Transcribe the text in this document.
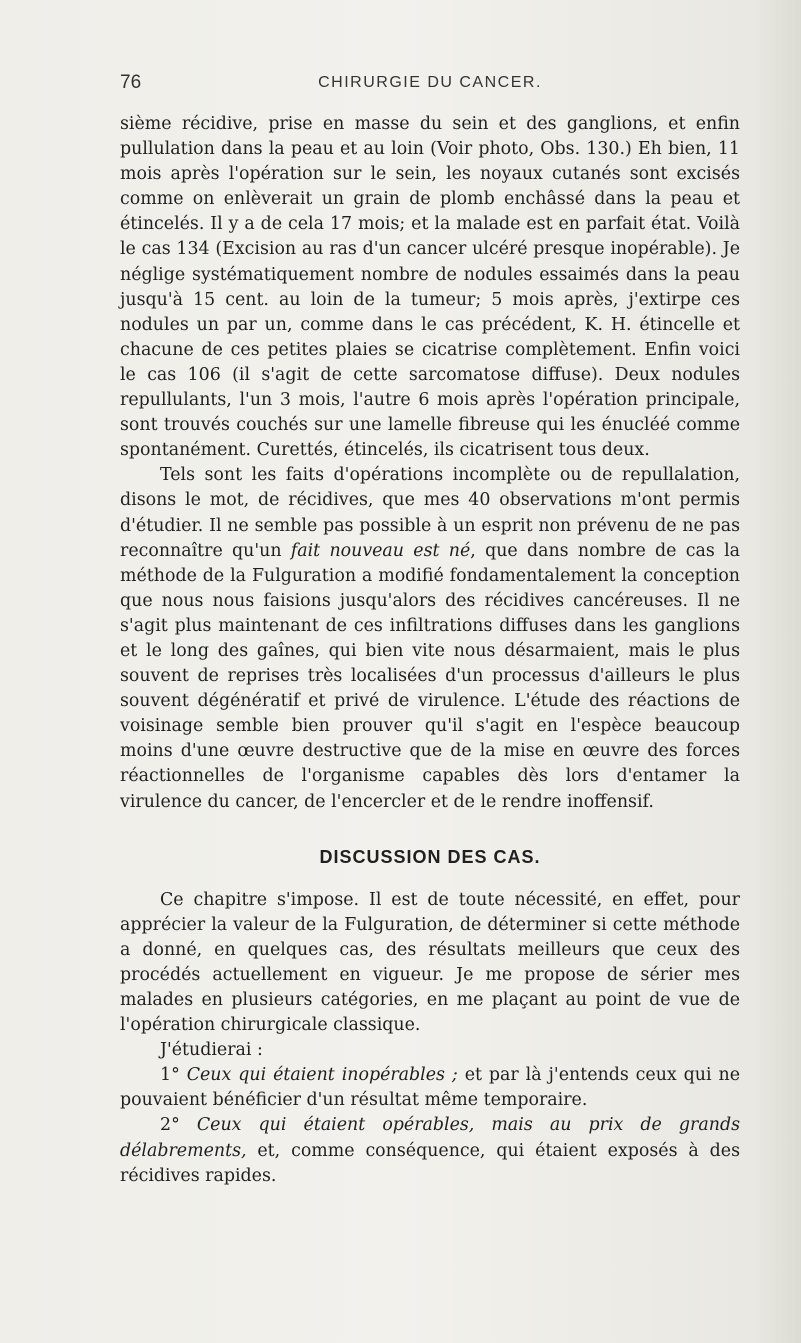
76	CHIRURGIE DU CANCER.

sième récidive, prise en masse du sein et des ganglions, et enfin pullulation dans la peau et au loin (Voir photo, Obs. 130.) Eh bien, 11 mois après l'opération sur le sein, les noyaux cutanés sont excisés comme on enlèverait un grain de plomb enchâssé dans la peau et étincelés. Il y a de cela 17 mois; et la malade est en parfait état. Voilà le cas 134 (Excision au ras d'un cancer ulcéré presque inopérable). Je néglige systématiquement nombre de nodules essaimés dans la peau jusqu'à 15 cent. au loin de la tumeur; 5 mois après, j'extirpe ces nodules un par un, comme dans le cas précédent, K. H. étincelle et chacune de ces petites plaies se cicatrise complètement. Enfin voici le cas 106 (il s'agit de cette sarcomatose diffuse). Deux nodules repullulants, l'un 3 mois, l'autre 6 mois après l'opération principale, sont trouvés couchés sur une lamelle fibreuse qui les énucléé comme spontanément. Curettés, étincelés, ils cicatrisent tous deux.

Tels sont les faits d'opérations incomplète ou de repullalation, disons le mot, de récidives, que mes 40 observations m'ont permis d'étudier. Il ne semble pas possible à un esprit non prévenu de ne pas reconnaître qu'un fait nouveau est né, que dans nombre de cas la méthode de la Fulguration a modifié fondamentalement la conception que nous nous faisions jusqu'alors des récidives cancéreuses. Il ne s'agit plus maintenant de ces infiltrations diffuses dans les ganglions et le long des gaînes, qui bien vite nous désarmaient, mais le plus souvent de reprises très localisées d'un processus d'ailleurs le plus souvent dégénératif et privé de virulence. L'étude des réactions de voisinage semble bien prouver qu'il s'agit en l'espèce beaucoup moins d'une œuvre destructive que de la mise en œuvre des forces réactionnelles de l'organisme capables dès lors d'entamer la virulence du cancer, de l'encercler et de le rendre inoffensif.

DISCUSSION DES CAS.

Ce chapitre s'impose. Il est de toute nécessité, en effet, pour apprécier la valeur de la Fulguration, de déterminer si cette méthode a donné, en quelques cas, des résultats meilleurs que ceux des procédés actuellement en vigueur. Je me propose de sérier mes malades en plusieurs catégories, en me plaçant au point de vue de l'opération chirurgicale classique.

J'étudierai :

1° Ceux qui étaient inopérables ; et par là j'entends ceux qui ne pouvaient bénéficier d'un résultat même temporaire.

2° Ceux qui étaient opérables, mais au prix de grands délabrements, et, comme conséquence, qui étaient exposés à des récidives rapides.
